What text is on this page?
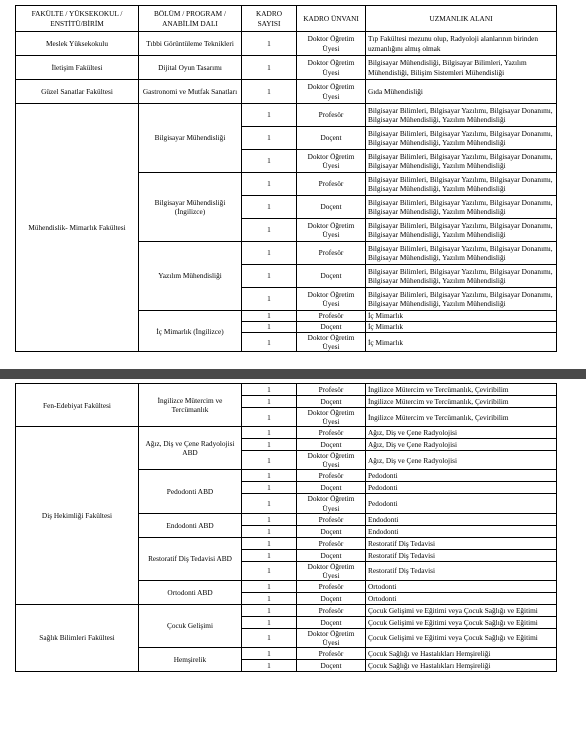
FAKÜLTE / YÜKSEKOKUL / ENSTİTÜ/BİRİM	BÖLÜM / PROGRAM / ANABİLİM DALI	KADRO SAYISI	KADRO ÜNVANI	UZMANLIK ALANI
Meslek Yüksekokulu	Tıbbi Görüntüleme Teknikleri	1	Doktor Öğretim Üyesi	Tıp Fakültesi mezunu olup, Radyoloji alanlarının birinden uzmanlığını almış olmak
İletişim Fakültesi	Dijital Oyun Tasarımı	1	Doktor Öğretim Üyesi	Bilgisayar Mühendisliği, Bilgisayar Bilimleri, Yazılım Mühendisliği, Bilişim Sistemleri Mühendisliği
Güzel Sanatlar Fakültesi	Gastronomi ve Mutfak Sanatları	1	Doktor Öğretim Üyesi	Gıda Mühendisliği
Mühendislik- Mimarlık Fakültesi	Bilgisayar Mühendisliği	1	Profesör	Bilgisayar Bilimleri, Bilgisayar Yazılımı, Bilgisayar Donanımı, Bilgisayar Mühendisliği, Yazılım Mühendisliği
		1	Doçent	Bilgisayar Bilimleri, Bilgisayar Yazılımı, Bilgisayar Donanımı, Bilgisayar Mühendisliği, Yazılım Mühendisliği
		1	Doktor Öğretim Üyesi	Bilgisayar Bilimleri, Bilgisayar Yazılımı, Bilgisayar Donanımı, Bilgisayar Mühendisliği, Yazılım Mühendisliği
	Bilgisayar Mühendisliği (İngilizce)	1	Profesör	Bilgisayar Bilimleri, Bilgisayar Yazılımı, Bilgisayar Donanımı, Bilgisayar Mühendisliği, Yazılım Mühendisliği
		1	Doçent	Bilgisayar Bilimleri, Bilgisayar Yazılımı, Bilgisayar Donanımı, Bilgisayar Mühendisliği, Yazılım Mühendisliği
		1	Doktor Öğretim Üyesi	Bilgisayar Bilimleri, Bilgisayar Yazılımı, Bilgisayar Donanımı, Bilgisayar Mühendisliği, Yazılım Mühendisliği
	Yazılım Mühendisliği	1	Profesör	Bilgisayar Bilimleri, Bilgisayar Yazılımı, Bilgisayar Donanımı, Bilgisayar Mühendisliği, Yazılım Mühendisliği
		1	Doçent	Bilgisayar Bilimleri, Bilgisayar Yazılımı, Bilgisayar Donanımı, Bilgisayar Mühendisliği, Yazılım Mühendisliği
		1	Doktor Öğretim Üyesi	Bilgisayar Bilimleri, Bilgisayar Yazılımı, Bilgisayar Donanımı, Bilgisayar Mühendisliği, Yazılım Mühendisliği
	İç Mimarlık (İngilizce)	1	Profesör	İç Mimarlık
		1	Doçent	İç Mimarlık
		1	Doktor Öğretim Üyesi	İç Mimarlık
Fen-Edebiyat Fakültesi	İngilizce Mütercim ve Tercümanlık	1	Profesör	İngilizce Mütercim ve Tercümanlık, Çeviribilim
		1	Doçent	İngilizce Mütercim ve Tercümanlık, Çeviribilim
		1	Doktor Öğretim Üyesi	İngilizce Mütercim ve Tercümanlık, Çeviribilim
Diş Hekimliği Fakültesi	Ağız, Diş ve Çene Radyolojisi ABD	1	Profesör	Ağız, Diş ve Çene Radyolojisi
		1	Doçent	Ağız, Diş ve Çene Radyolojisi
		1	Doktor Öğretim Üyesi	Ağız, Diş ve Çene Radyolojisi
	Pedodonti ABD	1	Profesör	Pedodonti
		1	Doçent	Pedodonti
		1	Doktor Öğretim Üyesi	Pedodonti
	Endodonti ABD	1	Profesör	Endodonti
		1	Doçent	Endodonti
	Restoratif Diş Tedavisi ABD	1	Profesör	Restoratif Diş Tedavisi
		1	Doçent	Restoratif Diş Tedavisi
		1	Doktor Öğretim Üyesi	Restoratif Diş Tedavisi
	Ortodonti ABD	1	Profesör	Ortodonti
		1	Doçent	Ortodonti
Sağlık Bilimleri Fakültesi	Çocuk Gelişimi	1	Profesör	Çocuk Gelişimi ve Eğitimi veya Çocuk Sağlığı ve Eğitimi
		1	Doçent	Çocuk Gelişimi ve Eğitimi veya Çocuk Sağlığı ve Eğitimi
		1	Doktor Öğretim Üyesi	Çocuk Gelişimi ve Eğitimi veya Çocuk Sağlığı ve Eğitimi
	Hemşirelik	1	Profesör	Çocuk Sağlığı ve Hastalıkları Hemşireliği
		1	Doçent	Çocuk Sağlığı ve Hastalıkları Hemşireliği
